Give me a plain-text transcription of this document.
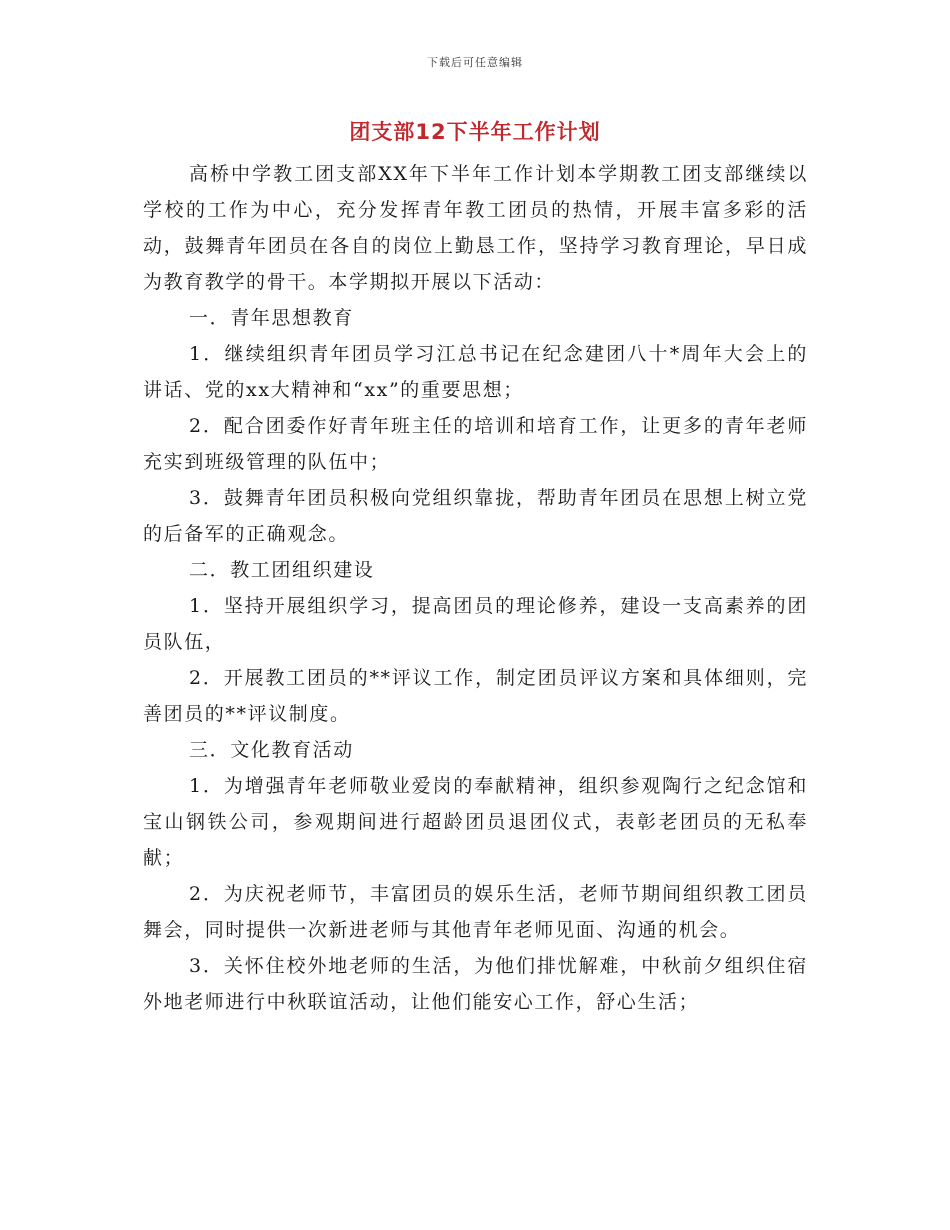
下载后可任意编辑
团支部12下半年工作计划

高桥中学教工团支部XX年下半年工作计划本学期教工团支部继续以学校的工作为中心，充分发挥青年教工团员的热情，开展丰富多彩的活动，鼓舞青年团员在各自的岗位上勤恳工作，坚持学习教育理论，早日成为教育教学的骨干。本学期拟开展以下活动：

一．青年思想教育

1．继续组织青年团员学习江总书记在纪念建团八十*周年大会上的讲话、党的xx大精神和“xx”的重要思想；

2．配合团委作好青年班主任的培训和培育工作，让更多的青年老师充实到班级管理的队伍中；

3．鼓舞青年团员积极向党组织靠拢，帮助青年团员在思想上树立党的后备军的正确观念。

二．教工团组织建设

1．坚持开展组织学习，提高团员的理论修养，建设一支高素养的团员队伍，

2．开展教工团员的**评议工作，制定团员评议方案和具体细则，完善团员的**评议制度。

三．文化教育活动

1．为增强青年老师敬业爱岗的奉献精神，组织参观陶行之纪念馆和宝山钢铁公司，参观期间进行超龄团员退团仪式，表彰老团员的无私奉献；

2．为庆祝老师节，丰富团员的娱乐生活，老师节期间组织教工团员舞会，同时提供一次新进老师与其他青年老师见面、沟通的机会。

3．关怀住校外地老师的生活，为他们排忧解难，中秋前夕组织住宿外地老师进行中秋联谊活动，让他们能安心工作，舒心生活；
